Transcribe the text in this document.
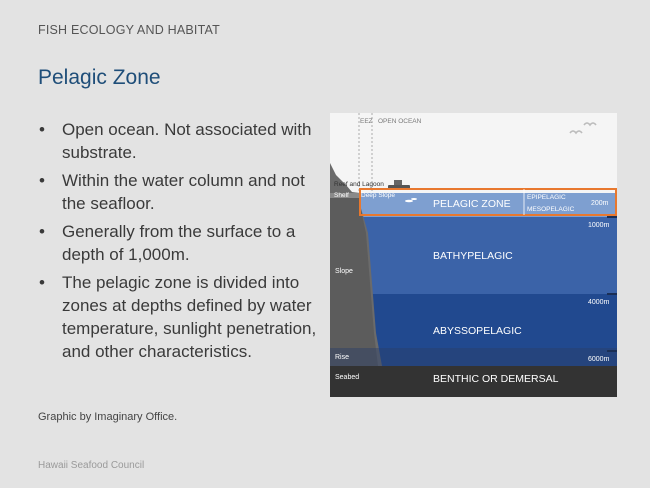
FISH ECOLOGY AND HABITAT
Pelagic Zone
• Open ocean. Not associated with substrate.
• Within the water column and not the seafloor.
• Generally from the surface to a depth of 1,000m.
• The pelagic zone is divided into zones at depths defined by water temperature, sunlight penetration, and other characteristics.
Graphic by Imaginary Office.
Hawaii Seafood Council
EEZ OPEN OCEAN
Reef and Lagoon
Shelf Deep Slope
Slope
Rise
Seabed
PELAGIC ZONE
EPIPELAGIC
MESOPELAGIC
200m
1000m
BATHYPELAGIC
4000m
ABYSSOPELAGIC
6000m
BENTHIC OR DEMERSAL
